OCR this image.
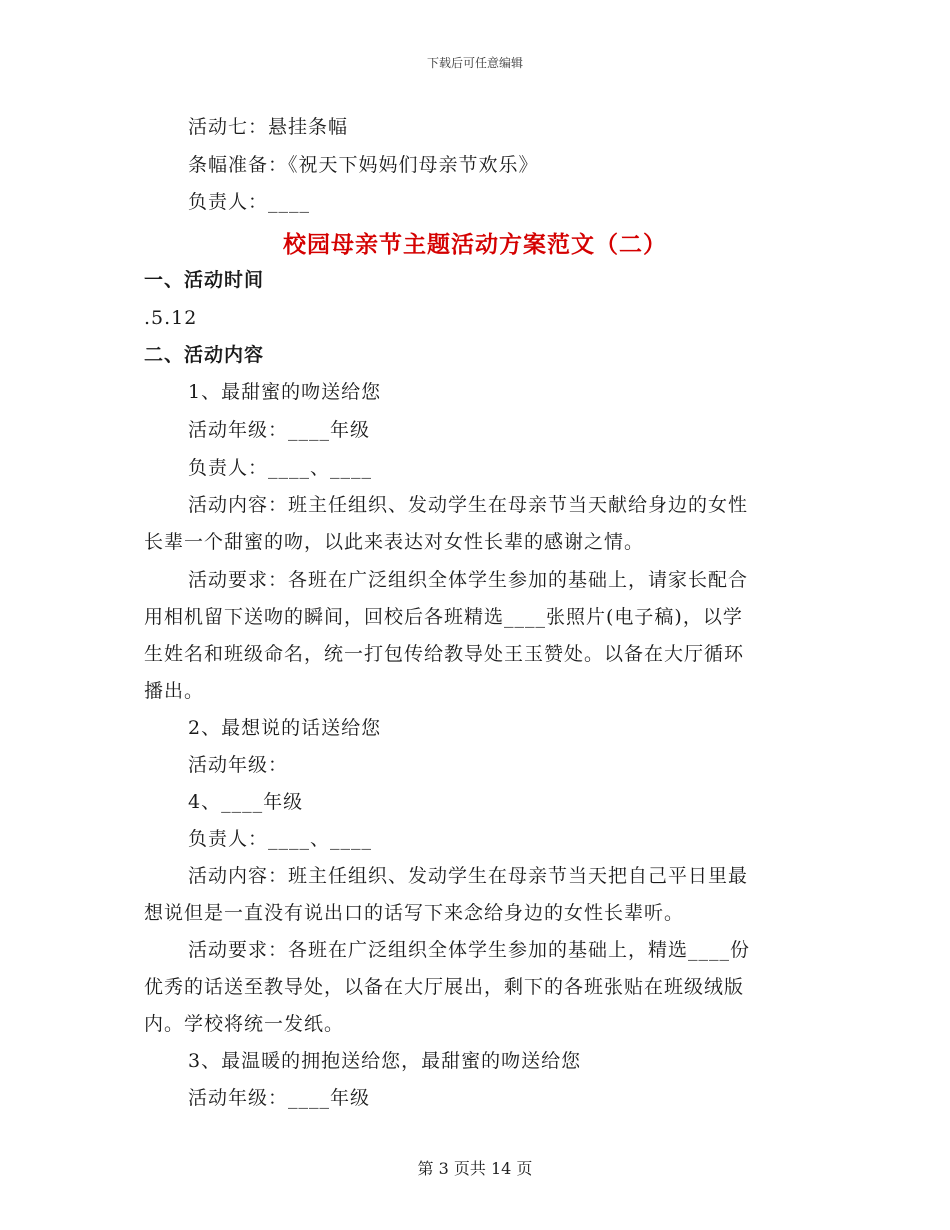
下载后可任意编辑
活动七：悬挂条幅
条幅准备：《祝天下妈妈们母亲节欢乐》
负责人：____
校园母亲节主题活动方案范文（二）
一、活动时间
.5.12
二、活动内容
1、最甜蜜的吻送给您
活动年级：____年级
负责人：____、____
活动内容：班主任组织、发动学生在母亲节当天献给身边的女性
长辈一个甜蜜的吻，以此来表达对女性长辈的感谢之情。
活动要求：各班在广泛组织全体学生参加的基础上，请家长配合
用相机留下送吻的瞬间，回校后各班精选____张照片(电子稿)，以学
生姓名和班级命名，统一打包传给教导处王玉赞处。以备在大厅循环
播出。
2、最想说的话送给您
活动年级：
4、____年级
负责人：____、____
活动内容：班主任组织、发动学生在母亲节当天把自己平日里最
想说但是一直没有说出口的话写下来念给身边的女性长辈听。
活动要求：各班在广泛组织全体学生参加的基础上，精选____份
优秀的话送至教导处，以备在大厅展出，剩下的各班张贴在班级绒版
内。学校将统一发纸。
3、最温暖的拥抱送给您，最甜蜜的吻送给您
活动年级：____年级
第 3 页共 14 页
